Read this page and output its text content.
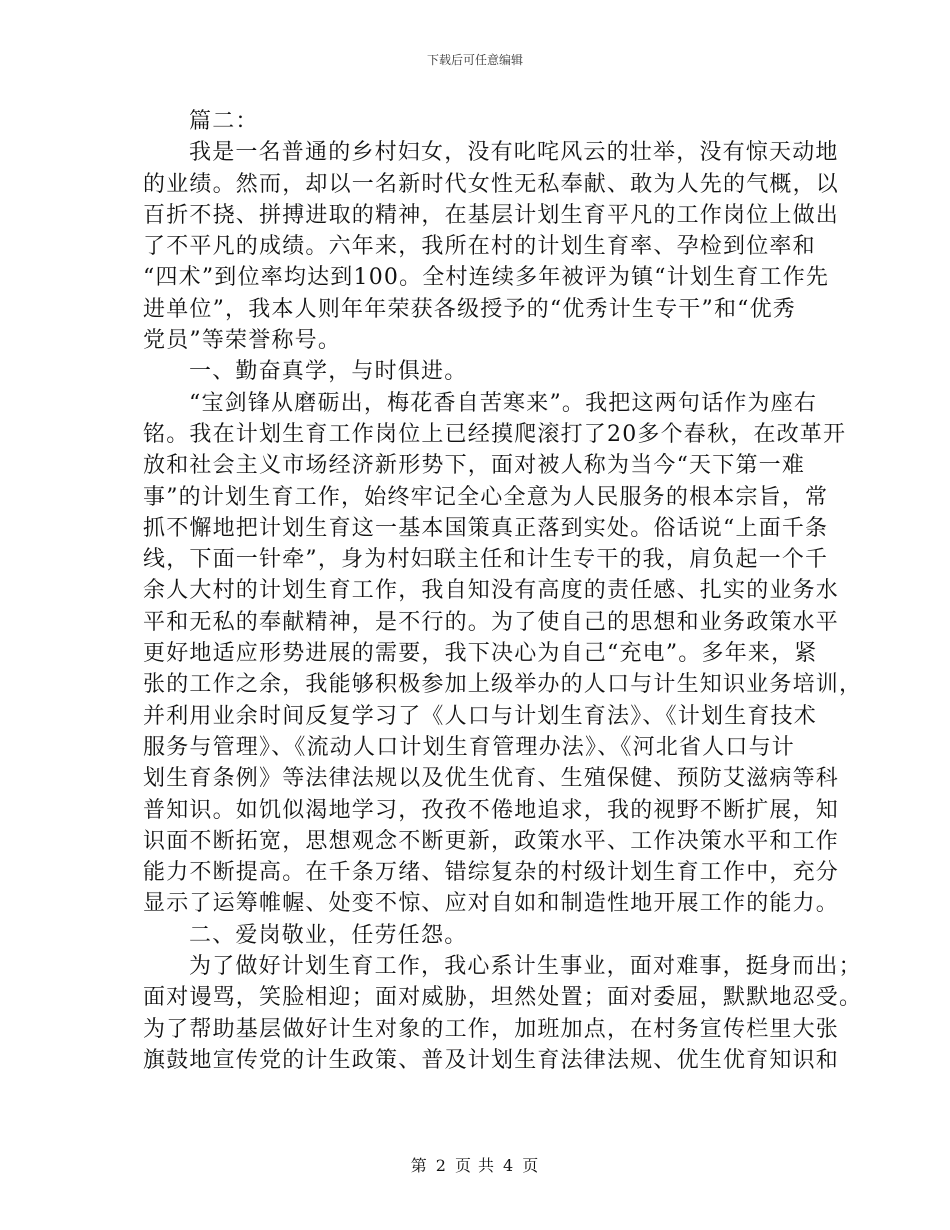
下载后可任意编辑
篇二：
我是一名普通的乡村妇女，没有叱咤风云的壮举，没有惊天动地
的业绩。然而，却以一名新时代女性无私奉献、敢为人先的气概，以
百折不挠、拼搏进取的精神，在基层计划生育平凡的工作岗位上做出
了不平凡的成绩。六年来，我所在村的计划生育率、孕检到位率和
“四术”到位率均达到100。全村连续多年被评为镇“计划生育工作先
进单位”，我本人则年年荣获各级授予的“优秀计生专干”和“优秀
党员”等荣誉称号。
一、勤奋真学，与时俱进。
“宝剑锋从磨砺出，梅花香自苦寒来”。我把这两句话作为座右
铭。我在计划生育工作岗位上已经摸爬滚打了20多个春秋，在改革开
放和社会主义市场经济新形势下，面对被人称为当今“天下第一难
事”的计划生育工作，始终牢记全心全意为人民服务的根本宗旨，常
抓不懈地把计划生育这一基本国策真正落到实处。俗话说“上面千条
线，下面一针牵”，身为村妇联主任和计生专干的我，肩负起一个千
余人大村的计划生育工作，我自知没有高度的责任感、扎实的业务水
平和无私的奉献精神，是不行的。为了使自己的思想和业务政策水平
更好地适应形势进展的需要，我下决心为自己“充电”。多年来，紧
张的工作之余，我能够积极参加上级举办的人口与计生知识业务培训，
并利用业余时间反复学习了《人口与计划生育法》、《计划生育技术
服务与管理》、《流动人口计划生育管理办法》、《河北省人口与计
划生育条例》等法律法规以及优生优育、生殖保健、预防艾滋病等科
普知识。如饥似渴地学习，孜孜不倦地追求，我的视野不断扩展，知
识面不断拓宽，思想观念不断更新，政策水平、工作决策水平和工作
能力不断提高。在千条万绪、错综复杂的村级计划生育工作中，充分
显示了运筹帷幄、处变不惊、应对自如和制造性地开展工作的能力。
二、爱岗敬业，任劳任怨。
为了做好计划生育工作，我心系计生事业，面对难事，挺身而出；
面对谩骂，笑脸相迎；面对威胁，坦然处置；面对委屈，默默地忍受。
为了帮助基层做好计生对象的工作，加班加点，在村务宣传栏里大张
旗鼓地宣传党的计生政策、普及计划生育法律法规、优生优育知识和
第 2 页 共 4 页
